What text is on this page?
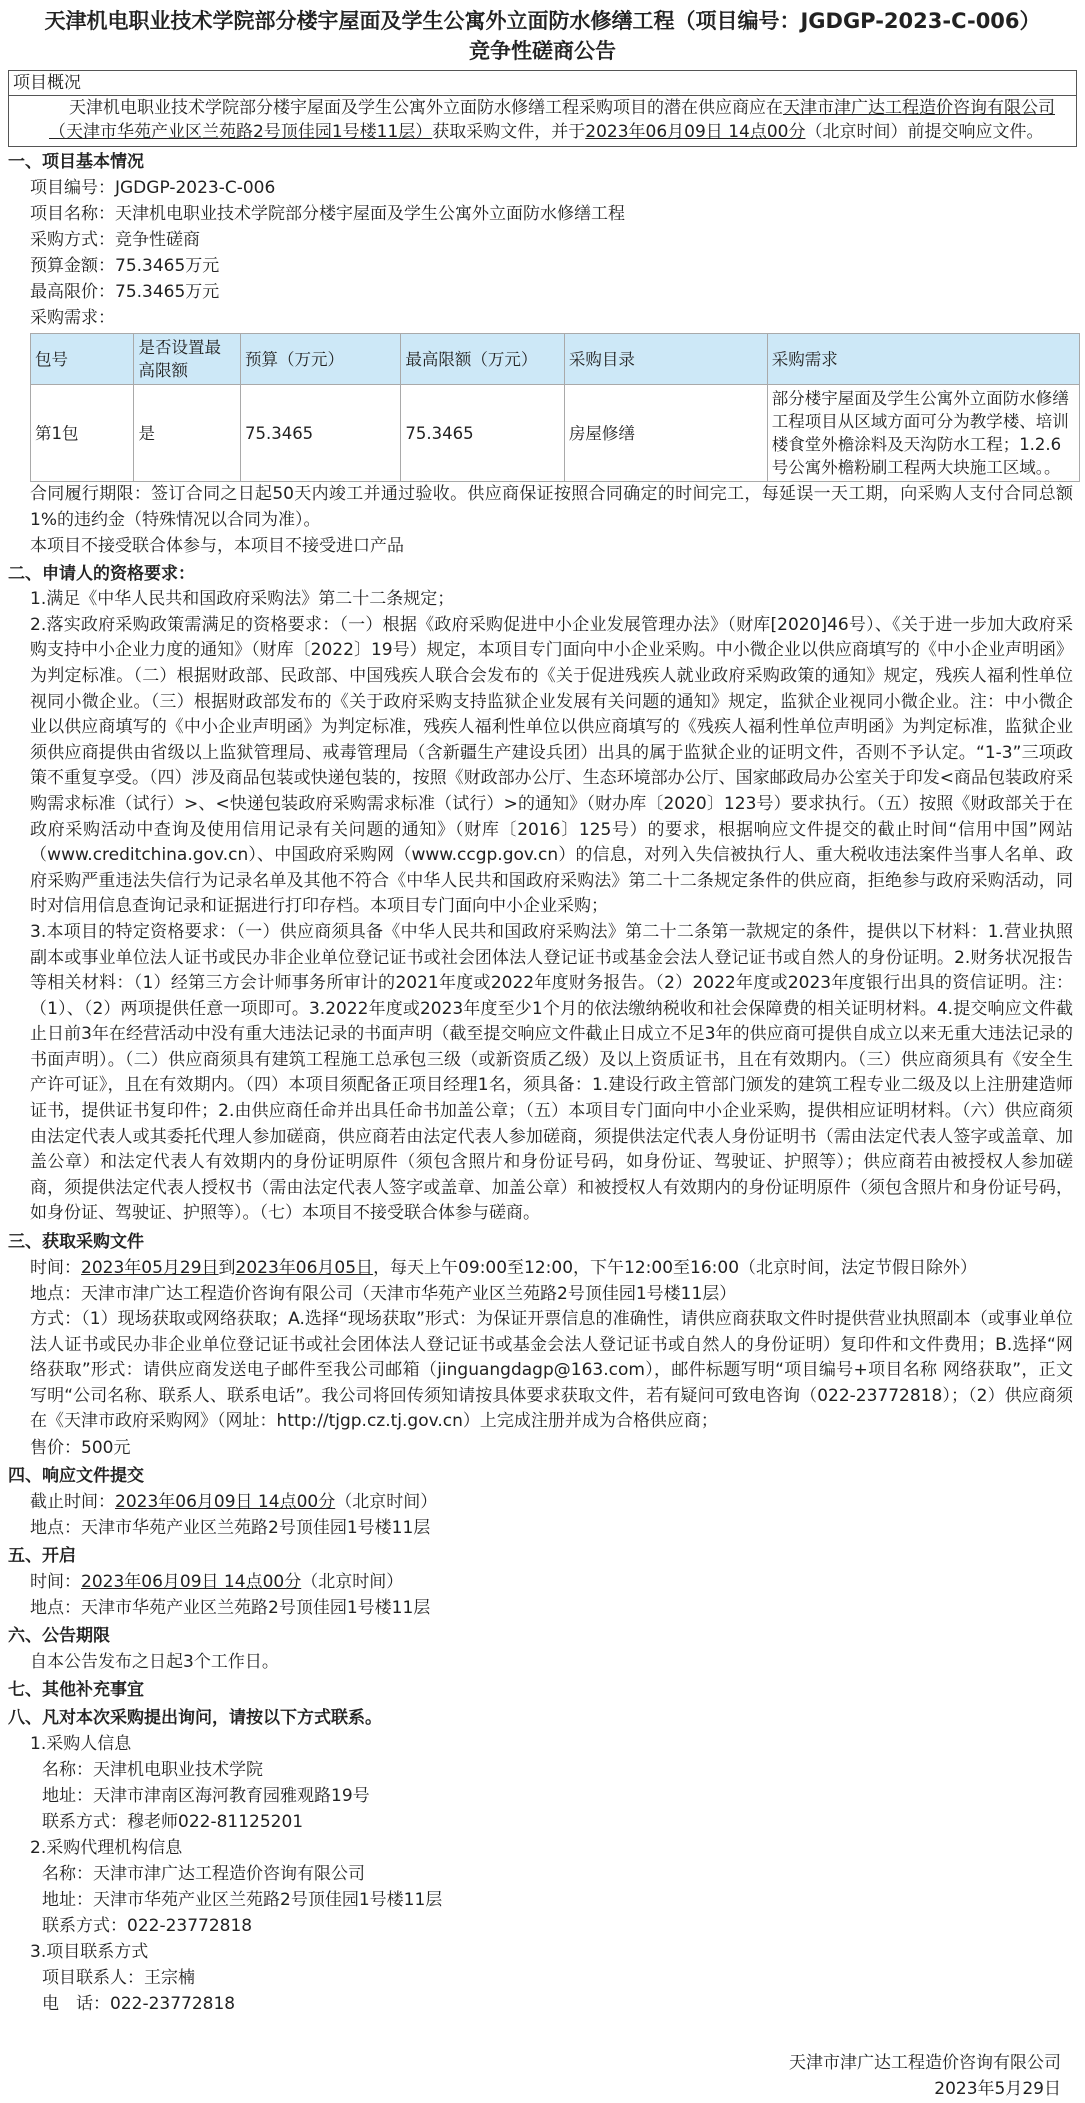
天津机电职业技术学院部分楼宇屋面及学生公寓外立面防水修缮工程（项目编号：JGDGP-2023-C-006）
竞争性磋商公告
项目概况
天津机电职业技术学院部分楼宇屋面及学生公寓外立面防水修缮工程采购项目的潜在供应商应在天津市津广达工程造价咨询有限公司（天津市华苑产业区兰苑路2号顶佳园1号楼11层）获取采购文件，并于2023年06月09日 14点00分（北京时间）前提交响应文件。
一、项目基本情况
项目编号：JGDGP-2023-C-006
项目名称：天津机电职业技术学院部分楼宇屋面及学生公寓外立面防水修缮工程
采购方式：竞争性磋商
预算金额：75.3465万元
最高限价：75.3465万元
采购需求：
包号	是否设置最高限额	预算（万元）	最高限额（万元）	采购目录	采购需求
第1包	是	75.3465	75.3465	房屋修缮	部分楼宇屋面及学生公寓外立面防水修缮工程项目从区域方面可分为教学楼、培训楼食堂外檐涂料及天沟防水工程；1.2.6号公寓外檐粉刷工程两大块施工区域。。
合同履行期限：签订合同之日起50天内竣工并通过验收。供应商保证按照合同确定的时间完工，每延误一天工期，向采购人支付合同总额1%的违约金（特殊情况以合同为准）。
本项目不接受联合体参与，本项目不接受进口产品
二、申请人的资格要求：
1.满足《中华人民共和国政府采购法》第二十二条规定；
2.落实政府采购政策需满足的资格要求：（一）根据《政府采购促进中小企业发展管理办法》（财库[2020]46号）、《关于进一步加大政府采购支持中小企业力度的通知》（财库〔2022〕19号）规定，本项目专门面向中小企业采购。中小微企业以供应商填写的《中小企业声明函》为判定标准。（二）根据财政部、民政部、中国残疾人联合会发布的《关于促进残疾人就业政府采购政策的通知》规定，残疾人福利性单位视同小微企业。（三）根据财政部发布的《关于政府采购支持监狱企业发展有关问题的通知》规定，监狱企业视同小微企业。注：中小微企业以供应商填写的《中小企业声明函》为判定标准，残疾人福利性单位以供应商填写的《残疾人福利性单位声明函》为判定标准，监狱企业须供应商提供由省级以上监狱管理局、戒毒管理局（含新疆生产建设兵团）出具的属于监狱企业的证明文件，否则不予认定。“1-3”三项政策不重复享受。（四）涉及商品包装或快递包装的，按照《财政部办公厅、生态环境部办公厅、国家邮政局办公室关于印发<商品包装政府采购需求标准（试行）>、<快递包装政府采购需求标准（试行）>的通知》（财办库〔2020〕123号）要求执行。（五）按照《财政部关于在政府采购活动中查询及使用信用记录有关问题的通知》（财库〔2016〕125号）的要求，根据响应文件提交的截止时间“信用中国”网站（www.creditchina.gov.cn）、中国政府采购网（www.ccgp.gov.cn）的信息，对列入失信被执行人、重大税收违法案件当事人名单、政府采购严重违法失信行为记录名单及其他不符合《中华人民共和国政府采购法》第二十二条规定条件的供应商，拒绝参与政府采购活动，同时对信用信息查询记录和证据进行打印存档。本项目专门面向中小企业采购；
3.本项目的特定资格要求：（一）供应商须具备《中华人民共和国政府采购法》第二十二条第一款规定的条件，提供以下材料：1.营业执照副本或事业单位法人证书或民办非企业单位登记证书或社会团体法人登记证书或基金会法人登记证书或自然人的身份证明。2.财务状况报告等相关材料：（1）经第三方会计师事务所审计的2021年度或2022年度财务报告。（2）2022年度或2023年度银行出具的资信证明。注：（1）、（2）两项提供任意一项即可。3.2022年度或2023年度至少1个月的依法缴纳税收和社会保障费的相关证明材料。4.提交响应文件截止日前3年在经营活动中没有重大违法记录的书面声明（截至提交响应文件截止日成立不足3年的供应商可提供自成立以来无重大违法记录的书面声明）。（二）供应商须具有建筑工程施工总承包三级（或新资质乙级）及以上资质证书，且在有效期内。（三）供应商须具有《安全生产许可证》，且在有效期内。（四）本项目须配备正项目经理1名，须具备：1.建设行政主管部门颁发的建筑工程专业二级及以上注册建造师证书，提供证书复印件；2.由供应商任命并出具任命书加盖公章；（五）本项目专门面向中小企业采购，提供相应证明材料。（六）供应商须由法定代表人或其委托代理人参加磋商，供应商若由法定代表人参加磋商，须提供法定代表人身份证明书（需由法定代表人签字或盖章、加盖公章）和法定代表人有效期内的身份证明原件（须包含照片和身份证号码，如身份证、驾驶证、护照等）；供应商若由被授权人参加磋商，须提供法定代表人授权书（需由法定代表人签字或盖章、加盖公章）和被授权人有效期内的身份证明原件（须包含照片和身份证号码，如身份证、驾驶证、护照等）。（七）本项目不接受联合体参与磋商。
三、获取采购文件
时间：2023年05月29日到2023年06月05日，每天上午09:00至12:00，下午12:00至16:00（北京时间，法定节假日除外）
地点：天津市津广达工程造价咨询有限公司（天津市华苑产业区兰苑路2号顶佳园1号楼11层）
方式：（1）现场获取或网络获取；A.选择“现场获取”形式：为保证开票信息的准确性，请供应商获取文件时提供营业执照副本（或事业单位法人证书或民办非企业单位登记证书或社会团体法人登记证书或基金会法人登记证书或自然人的身份证明）复印件和文件费用；B.选择“网络获取”形式：请供应商发送电子邮件至我公司邮箱（jinguangdagp@163.com），邮件标题写明“项目编号+项目名称 网络获取”，正文写明“公司名称、联系人、联系电话”。我公司将回传须知请按具体要求获取文件，若有疑问可致电咨询（022-23772818）；（2）供应商须在《天津市政府采购网》（网址：http://tjgp.cz.tj.gov.cn）上完成注册并成为合格供应商；
售价：500元
四、响应文件提交
截止时间：2023年06月09日 14点00分（北京时间）
地点：天津市华苑产业区兰苑路2号顶佳园1号楼11层
五、开启
时间：2023年06月09日 14点00分（北京时间）
地点：天津市华苑产业区兰苑路2号顶佳园1号楼11层
六、公告期限
自本公告发布之日起3个工作日。
七、其他补充事宜
八、凡对本次采购提出询问，请按以下方式联系。
1.采购人信息
名称：天津机电职业技术学院
地址：天津市津南区海河教育园雅观路19号
联系方式：穆老师022-81125201
2.采购代理机构信息
名称：天津市津广达工程造价咨询有限公司
地址：天津市华苑产业区兰苑路2号顶佳园1号楼11层
联系方式：022-23772818
3.项目联系方式
项目联系人：王宗楠
电　话：022-23772818
天津市津广达工程造价咨询有限公司
2023年5月29日
